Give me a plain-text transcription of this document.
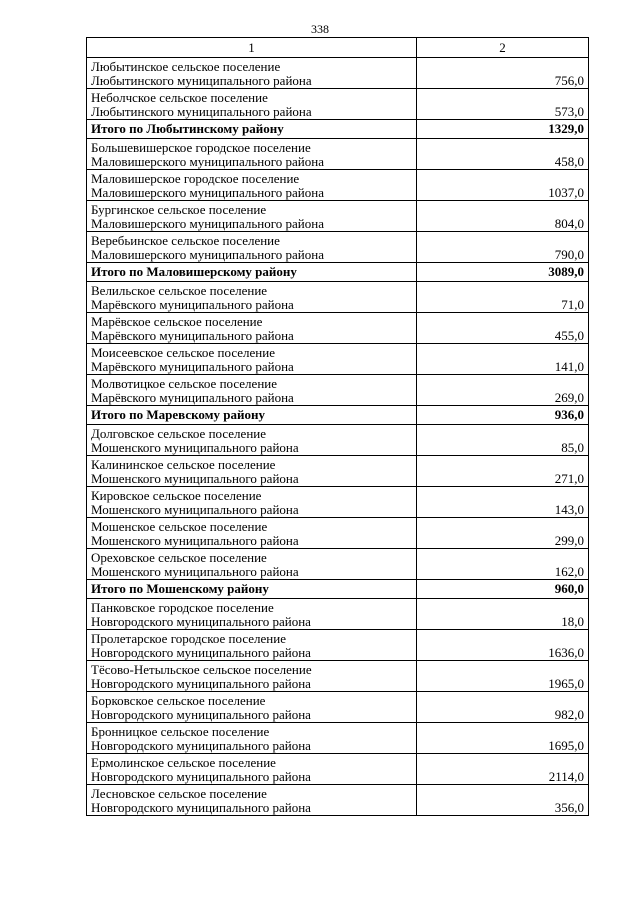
338
1	2

Любытинское сельское поселение
Любытинского муниципального района	756,0

Неболчское сельское поселение
Любытинского муниципального района	573,0
Итого по Любытинскому району	1329,0

Большевишерское городское поселение
Маловишерского муниципального района	458,0

Маловишерское городское поселение
Маловишерского муниципального района	1037,0

Бургинское сельское поселение
Маловишерского муниципального района	804,0

Веребьинское сельское поселение
Маловишерского муниципального района	790,0
Итого по Маловишерскому району	3089,0

Велильское сельское поселение
Марёвского муниципального района	71,0

Марёвское сельское поселение
Марёвского муниципального района	455,0

Моисеевское сельское поселение
Марёвского муниципального района	141,0

Молвотицкое сельское поселение
Марёвского муниципального района	269,0
Итого по Маревскому району	936,0

Долговское сельское поселение
Мошенского муниципального района	85,0

Калининское сельское поселение
Мошенского муниципального района	271,0

Кировское сельское поселение
Мошенского муниципального района	143,0

Мошенское сельское поселение
Мошенского муниципального района	299,0

Ореховское сельское поселение
Мошенского муниципального района	162,0
Итого по Мошенскому району	960,0

Панковское городское поселение
Новгородского муниципального района	18,0

Пролетарское городское поселение
Новгородского муниципального района	1636,0

Тёсово-Нетыльское сельское поселение
Новгородского муниципального района	1965,0

Борковское сельское поселение
Новгородского муниципального района	982,0

Бронницкое сельское поселение
Новгородского муниципального района	1695,0

Ермолинское сельское поселение
Новгородского муниципального района	2114,0

Лесновское сельское поселение
Новгородского муниципального района	356,0
